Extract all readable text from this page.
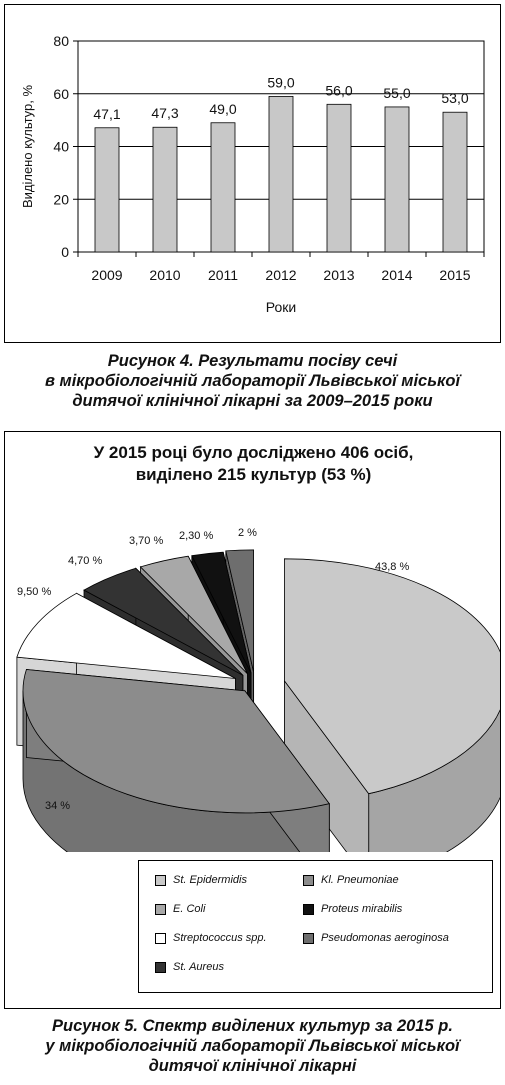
0
20
40
60
80
Виділено культур, %	47,1
2009
47,3
2010
49,0
2011
59,0
2012
56,0
2013
55,0
2014
53,0
2015
Роки
Рисунок 4. Результати посіву сечі
в мікробіологічній лабораторії Львівської міської
дитячої клінічної лікарні за 2009–2015 роки
У 2015 році було досліджено 406 осіб,
виділено 215 культур (53 %)
43,8 %
34 %
9,50 %
4,70 %
3,70 % 2,30 % 2 %
St. Epidermidis	Kl. Pneumoniae
E. Coli	Proteus mirabilis
Streptococcus spp.	Pseudomonas aeroginosa
St. Aureus
Рисунок 5. Спектр виділених культур за 2015 р.
у мікробіологічній лабораторії Львівської міської
дитячої клінічної лікарні
